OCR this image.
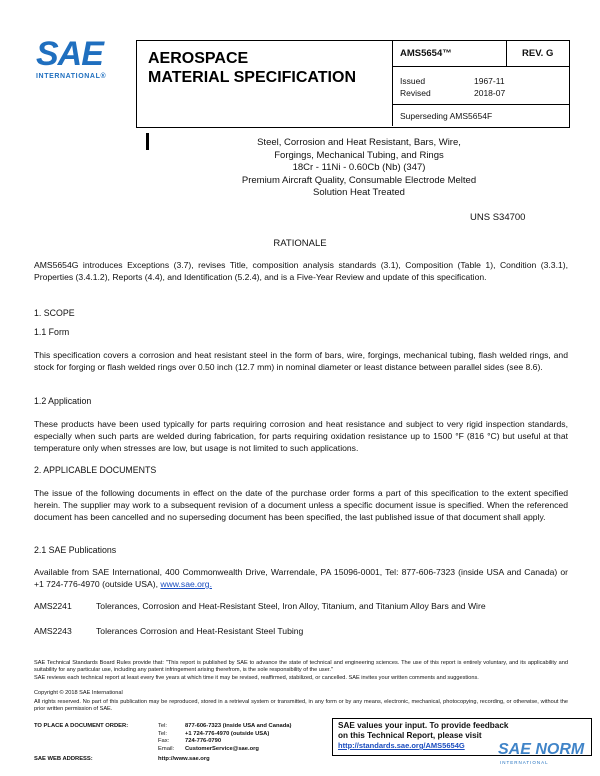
SAE
INTERNATIONAL®
AEROSPACE
MATERIAL SPECIFICATION
AMS5654™	REV. G
Issued	1967-11
Revised	2018-07
Superseding AMS5654F
Steel, Corrosion and Heat Resistant, Bars, Wire,
Forgings, Mechanical Tubing, and Rings
18Cr - 11Ni - 0.60Cb (Nb) (347)
Premium Aircraft Quality, Consumable Electrode Melted
Solution Heat Treated
UNS S34700
RATIONALE
AMS5654G introduces Exceptions (3.7), revises Title, composition analysis standards (3.1), Composition (Table 1), Condition (3.3.1), Properties (3.4.1.2), Reports (4.4), and Identification (5.2.4), and is a Five-Year Review and update of this specification.
1. SCOPE
1.1 Form
This specification covers a corrosion and heat resistant steel in the form of bars, wire, forgings, mechanical tubing, flash welded rings, and stock for forging or flash welded rings over 0.50 inch (12.7 mm) in nominal diameter or least distance between parallel sides (see 8.6).
1.2 Application
These products have been used typically for parts requiring corrosion and heat resistance and subject to very rigid inspection standards, especially when such parts are welded during fabrication, for parts requiring oxidation resistance up to 1500 °F (816 °C) but useful at that temperature only when stresses are low, but usage is not limited to such applications.
2. APPLICABLE DOCUMENTS
The issue of the following documents in effect on the date of the purchase order forms a part of this specification to the extent specified herein. The supplier may work to a subsequent revision of a document unless a specific document issue is specified. When the referenced document has been cancelled and no superseding document has been specified, the last published issue of that document shall apply.
2.1 SAE Publications
Available from SAE International, 400 Commonwealth Drive, Warrendale, PA 15096-0001, Tel: 877-606-7323 (inside USA and Canada) or +1 724-776-4970 (outside USA), www.sae.org.
AMS2241	Tolerances, Corrosion and Heat-Resistant Steel, Iron Alloy, Titanium, and Titanium Alloy Bars and Wire
AMS2243	Tolerances Corrosion and Heat-Resistant Steel Tubing
SAE Technical Standards Board Rules provide that: "This report is published by SAE to advance the state of technical and engineering sciences. The use of this report is entirely voluntary, and its applicability and suitability for any particular use, including any patent infringement arising therefrom, is the sole responsibility of the user."
SAE reviews each technical report at least every five years at which time it may be revised, reaffirmed, stabilized, or cancelled. SAE invites your written comments and suggestions.
Copyright © 2018 SAE International
All rights reserved. No part of this publication may be reproduced, stored in a retrieval system or transmitted, in any form or by any means, electronic, mechanical, photocopying, recording, or otherwise, without the prior written permission of SAE.
TO PLACE A DOCUMENT ORDER:	Tel:	877-606-7323 (inside USA and Canada)
Tel:	+1 724-776-4970 (outside USA)
Fax:	724-776-0790
Email: CustomerService@sae.org
SAE WEB ADDRESS:	http://www.sae.org
SAE values your input. To provide feedback
on this Technical Report, please visit
http://standards.sae.org/AMS5654G	SAE NORM
INTERNATIONAL
